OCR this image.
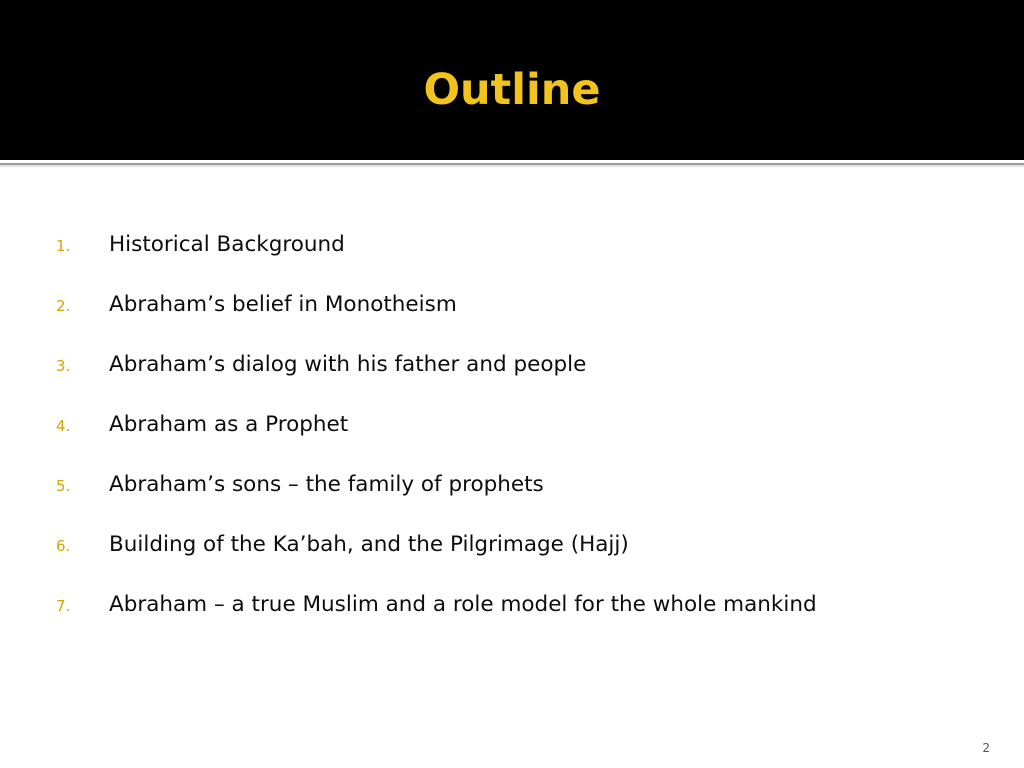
Outline
1. Historical Background
2. Abraham’s belief in Monotheism
3. Abraham’s dialog with his father and people
4. Abraham as a Prophet
5. Abraham’s sons – the family of prophets
6. Building of the Ka’bah, and the Pilgrimage (Hajj)
7. Abraham – a true Muslim and a role model for the whole mankind
2
